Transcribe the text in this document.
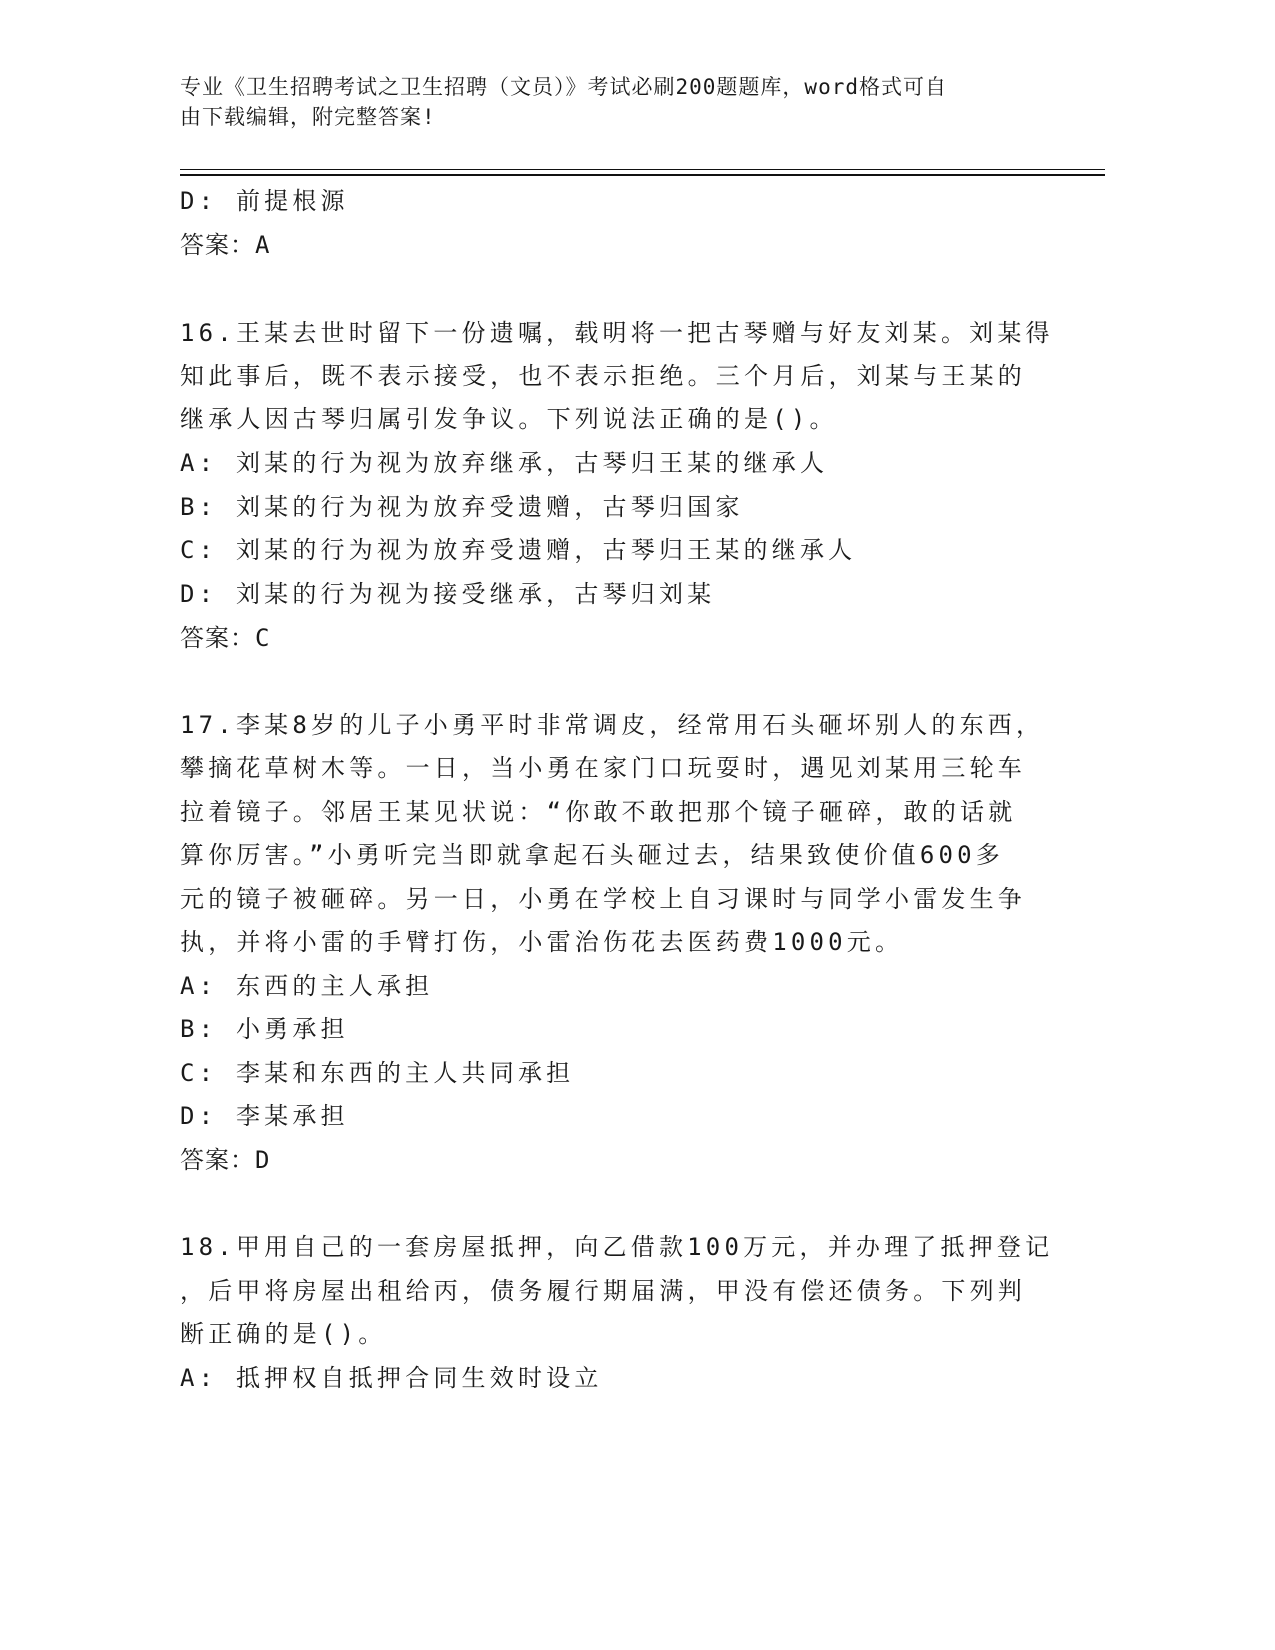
专业《卫生招聘考试之卫生招聘（文员）》考试必刷200题题库，word格式可自
由下载编辑，附完整答案!
D: 前提根源
答案：A
16.王某去世时留下一份遗嘱，载明将一把古琴赠与好友刘某。刘某得
知此事后，既不表示接受，也不表示拒绝。三个月后，刘某与王某的
继承人因古琴归属引发争议。下列说法正确的是()。
A: 刘某的行为视为放弃继承，古琴归王某的继承人
B: 刘某的行为视为放弃受遗赠，古琴归国家
C: 刘某的行为视为放弃受遗赠，古琴归王某的继承人
D: 刘某的行为视为接受继承，古琴归刘某
答案：C
17.李某8岁的儿子小勇平时非常调皮，经常用石头砸坏别人的东西，
攀摘花草树木等。一日，当小勇在家门口玩耍时，遇见刘某用三轮车
拉着镜子。邻居王某见状说：“你敢不敢把那个镜子砸碎，敢的话就
算你厉害。”小勇听完当即就拿起石头砸过去，结果致使价值600多
元的镜子被砸碎。另一日，小勇在学校上自习课时与同学小雷发生争
执，并将小雷的手臂打伤，小雷治伤花去医药费1000元。
A: 东西的主人承担
B: 小勇承担
C: 李某和东西的主人共同承担
D: 李某承担
答案：D
18.甲用自己的一套房屋抵押，向乙借款100万元，并办理了抵押登记
，后甲将房屋出租给丙，债务履行期届满，甲没有偿还债务。下列判
断正确的是()。
A: 抵押权自抵押合同生效时设立
